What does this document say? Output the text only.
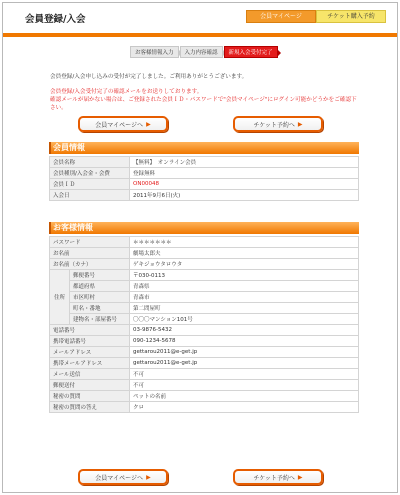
会員登録/入会	会員マイページ	チケット購入予約
お客様情報入力	入力内容確認	新規入会受付完了
会員登録/入会申し込みの受付が完了しました。ご利用ありがとうございます。
会員登録/入会受付完了の確認メールをお送りしております。
確認メールが届かない場合は、ご登録された会員ＩＤ・パスワードで"会員マイページ"にログイン可能かどうかをご確認下さい。
会員マイページへ ▶	チケット予約へ ▶
会員情報
会員名称	【無料】　オンライン会員
会員種別/入会金・会費	登録無料
会員ＩＤ	ON00048
入会日	2011年9月6日(火)
お客様情報
パスワード		＊＊＊＊＊＊＊
お名前		劇場太郎夫
お名前（カナ）		ゲキジョウタロウタ
住所	郵便番号	〒030-0113
	都道府県	青森県
	市区町村	青森市
	町名・番地	第二問屋町
	建物名・部屋番号	〇〇〇マンション101号
電話番号		03-9876-5432
携帯電話番号		090-1234-5678
メールアドレス		gettarou2011@e-get.jp
携帯メールアドレス		gettarou2011@e-get.jp
メール送信		不可
郵便送付		不可
秘密の質問		ペットの名前
秘密の質問の答え		クロ
会員マイページへ ▶	チケット予約へ ▶
